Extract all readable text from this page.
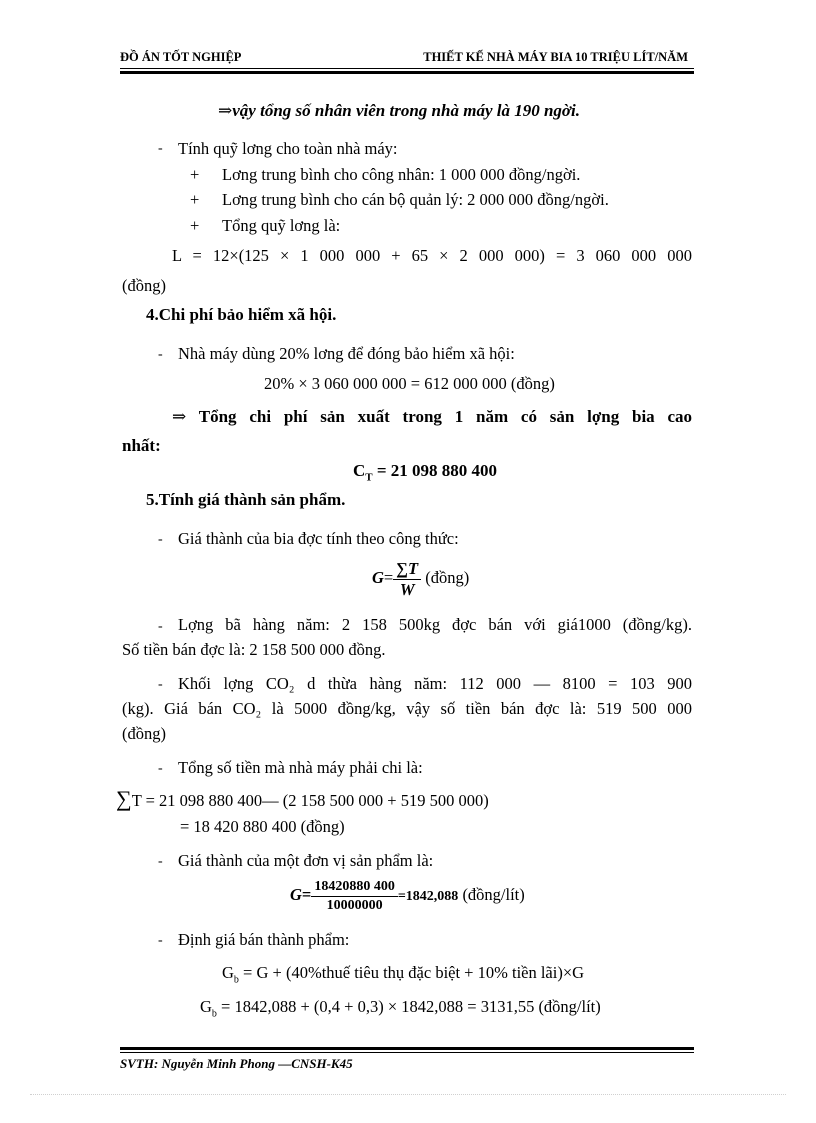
ĐỒ ÁN TỐT NGHIỆP	THIẾT KẾ NHÀ MÁY BIA 10 TRIỆU LÍT/NĂM
⇒vậy tổng số nhân viên trong nhà máy là 190 ngời.
- Tính quỹ lơng cho toàn nhà máy:
+ Lơng trung bình cho công nhân: 1 000 000 đồng/ngời.
+ Lơng trung bình cho cán bộ quản lý: 2 000 000 đồng/ngời.
+ Tổng quỹ lơng là:
L = 12×(125 × 1 000 000 + 65 × 2 000 000) = 3 060 000 000
(đồng)
4.Chi phí bảo hiểm xã hội.
- Nhà máy dùng 20% lơng để đóng bảo hiểm xã hội:
20% × 3 060 000 000 = 612 000 000 (đồng)
⇒ Tổng chi phí sản xuất trong 1 năm có sản lợng bia cao
nhất:
$C_T = 21$ 098 880 400
5.Tính giá thành sản phẩm.
- Giá thành của bia đợc tính theo công thức:
$G= \frac{\sum T}{W}$ (đồng)
- Lợng bã hàng năm: 2 158 500kg đợc bán với giá1000 (đồng/kg).
Số tiền bán đợc là: 2 158 500 000 đồng.
- Khối lợng CO₂ d thừa hàng năm: 112 000 — 8100 = 103 900
(kg). Giá bán CO₂ là 5000 đồng/kg, vậy số tiền bán đợc là: 519 500 000
(đồng)
- Tổng số tiền mà nhà máy phải chi là:
∑T = 21 098 880 400— (2 158 500 000 + 519 500 000)
= 18 420 880 400 (đồng)
- Giá thành của một đơn vị sản phẩm là:
$G= \frac{18420880 400}{10000000} =1842,088$ (đồng/lít)
- Định giá bán thành phẩm:
$G_b = G$ + (40%thuế tiêu thụ đặc biệt + 10% tiền lãi)×G
$G_b = 1842,088 + (0,4 + 0,3) \times 1842,088 = 3131,55$ (đồng/lít)
SVTH: Nguyễn Minh Phong —CNSH-K45
